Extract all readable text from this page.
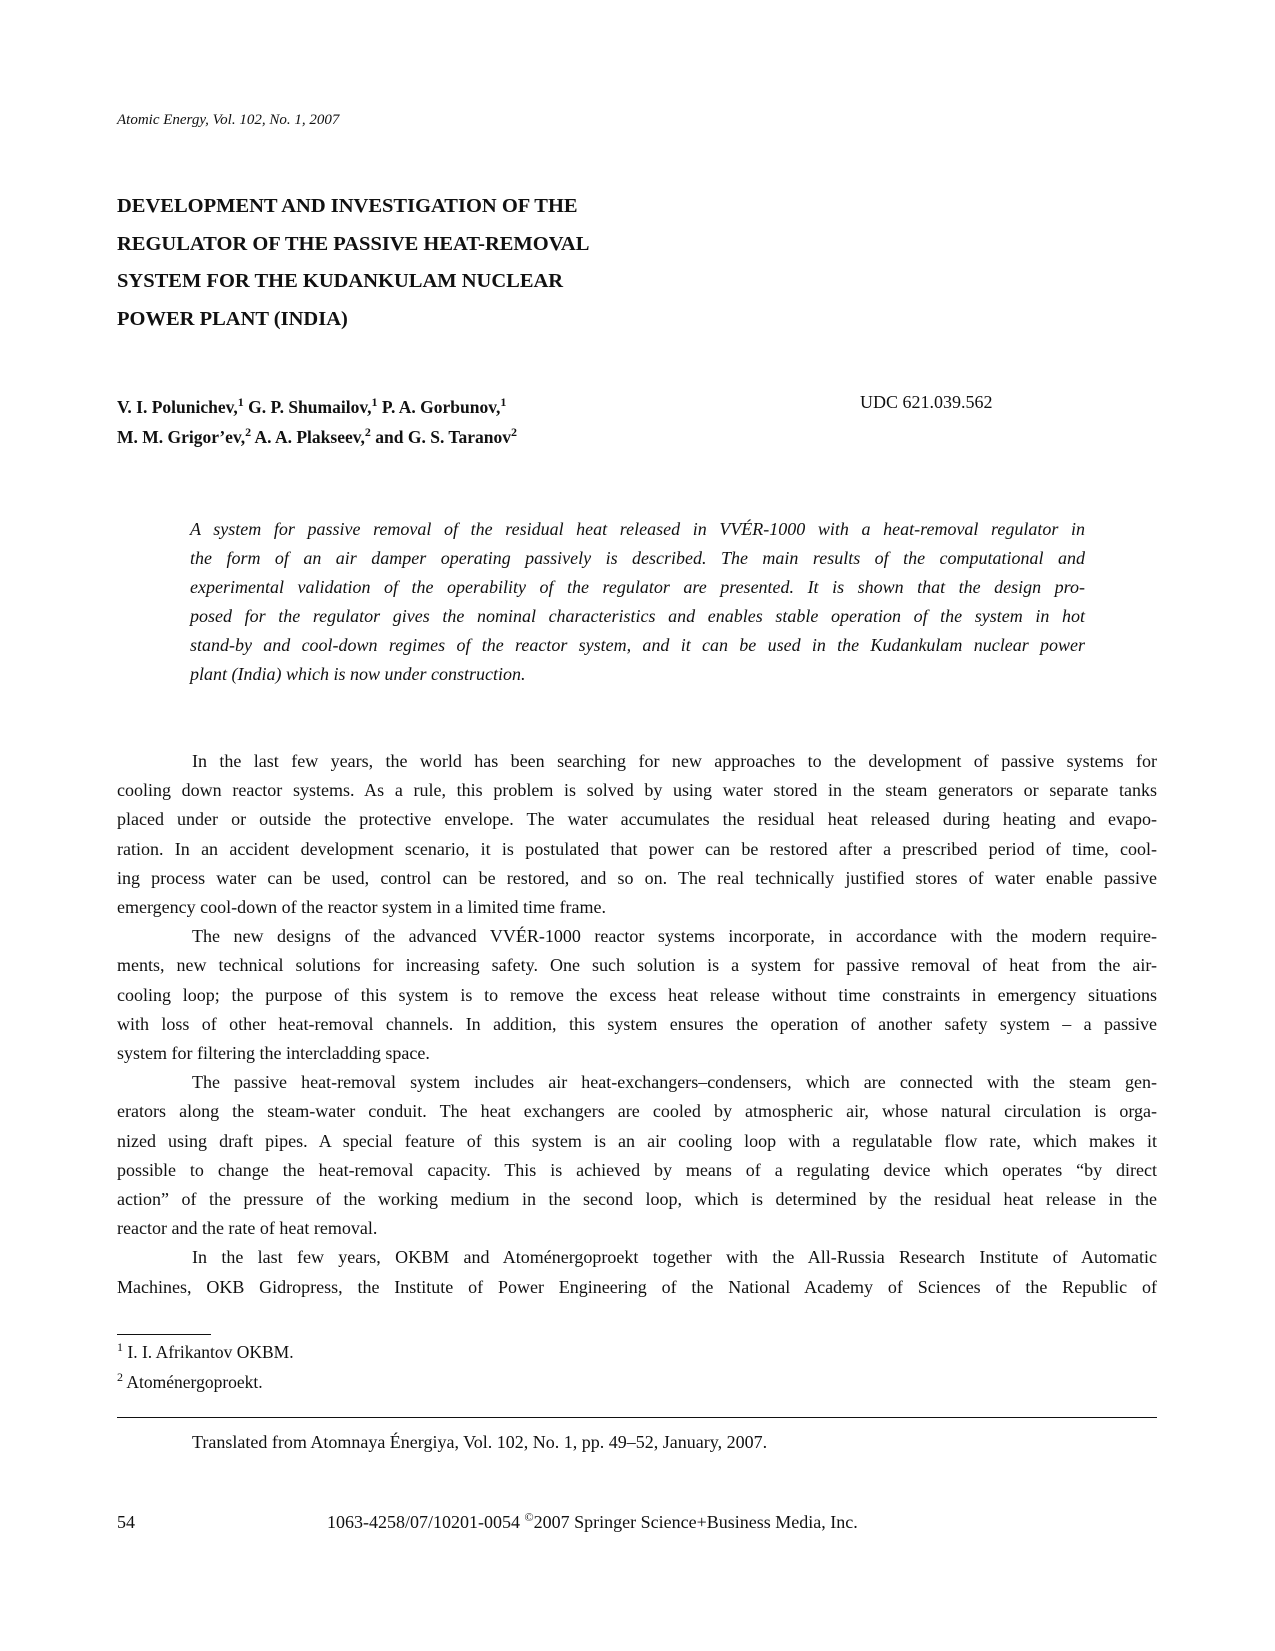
Atomic Energy, Vol. 102, No. 1, 2007
DEVELOPMENT AND INVESTIGATION OF THE
REGULATOR OF THE PASSIVE HEAT-REMOVAL
SYSTEM FOR THE KUDANKULAM NUCLEAR
POWER PLANT (INDIA)
V. I. Polunichev,$^1$ G. P. Shumailov,$^1$ P. A. Gorbunov,$^1$
M. M. Grigor’ev,$^2$ A. A. Plakseev,$^2$ and G. S. Taranov$^2$
UDC 621.039.562
A system for passive removal of the residual heat released in VVÉR-1000 with a heat-removal regulator in
the form of an air damper operating passively is described. The main results of the computational and
experimental validation of the operability of the regulator are presented. It is shown that the design pro-
posed for the regulator gives the nominal characteristics and enables stable operation of the system in hot
stand-by and cool-down regimes of the reactor system, and it can be used in the Kudankulam nuclear power
plant (India) which is now under construction.
In the last few years, the world has been searching for new approaches to the development of passive systems for
cooling down reactor systems. As a rule, this problem is solved by using water stored in the steam generators or separate tanks
placed under or outside the protective envelope. The water accumulates the residual heat released during heating and evapo-
ration. In an accident development scenario, it is postulated that power can be restored after a prescribed period of time, cool-
ing process water can be used, control can be restored, and so on. The real technically justified stores of water enable passive
emergency cool-down of the reactor system in a limited time frame.
The new designs of the advanced VVÉR-1000 reactor systems incorporate, in accordance with the modern require-
ments, new technical solutions for increasing safety. One such solution is a system for passive removal of heat from the air-
cooling loop; the purpose of this system is to remove the excess heat release without time constraints in emergency situations
with loss of other heat-removal channels. In addition, this system ensures the operation of another safety system – a passive
system for filtering the intercladding space.
The passive heat-removal system includes air heat-exchangers–condensers, which are connected with the steam gen-
erators along the steam-water conduit. The heat exchangers are cooled by atmospheric air, whose natural circulation is orga-
nized using draft pipes. A special feature of this system is an air cooling loop with a regulatable flow rate, which makes it
possible to change the heat-removal capacity. This is achieved by means of a regulating device which operates “by direct
action” of the pressure of the working medium in the second loop, which is determined by the residual heat release in the
reactor and the rate of heat removal.
In the last few years, OKBM and Atoménergoproekt together with the All-Russia Research Institute of Automatic
Machines, OKB Gidropress, the Institute of Power Engineering of the National Academy of Sciences of the Republic of
$^1$ I. I. Afrikantov OKBM.
$^2$ Atoménergoproekt.
Translated from Atomnaya Énergiya, Vol. 102, No. 1, pp. 49–52, January, 2007.
54	1063-4258/07/10201-0054 ©2007 Springer Science+Business Media, Inc.
